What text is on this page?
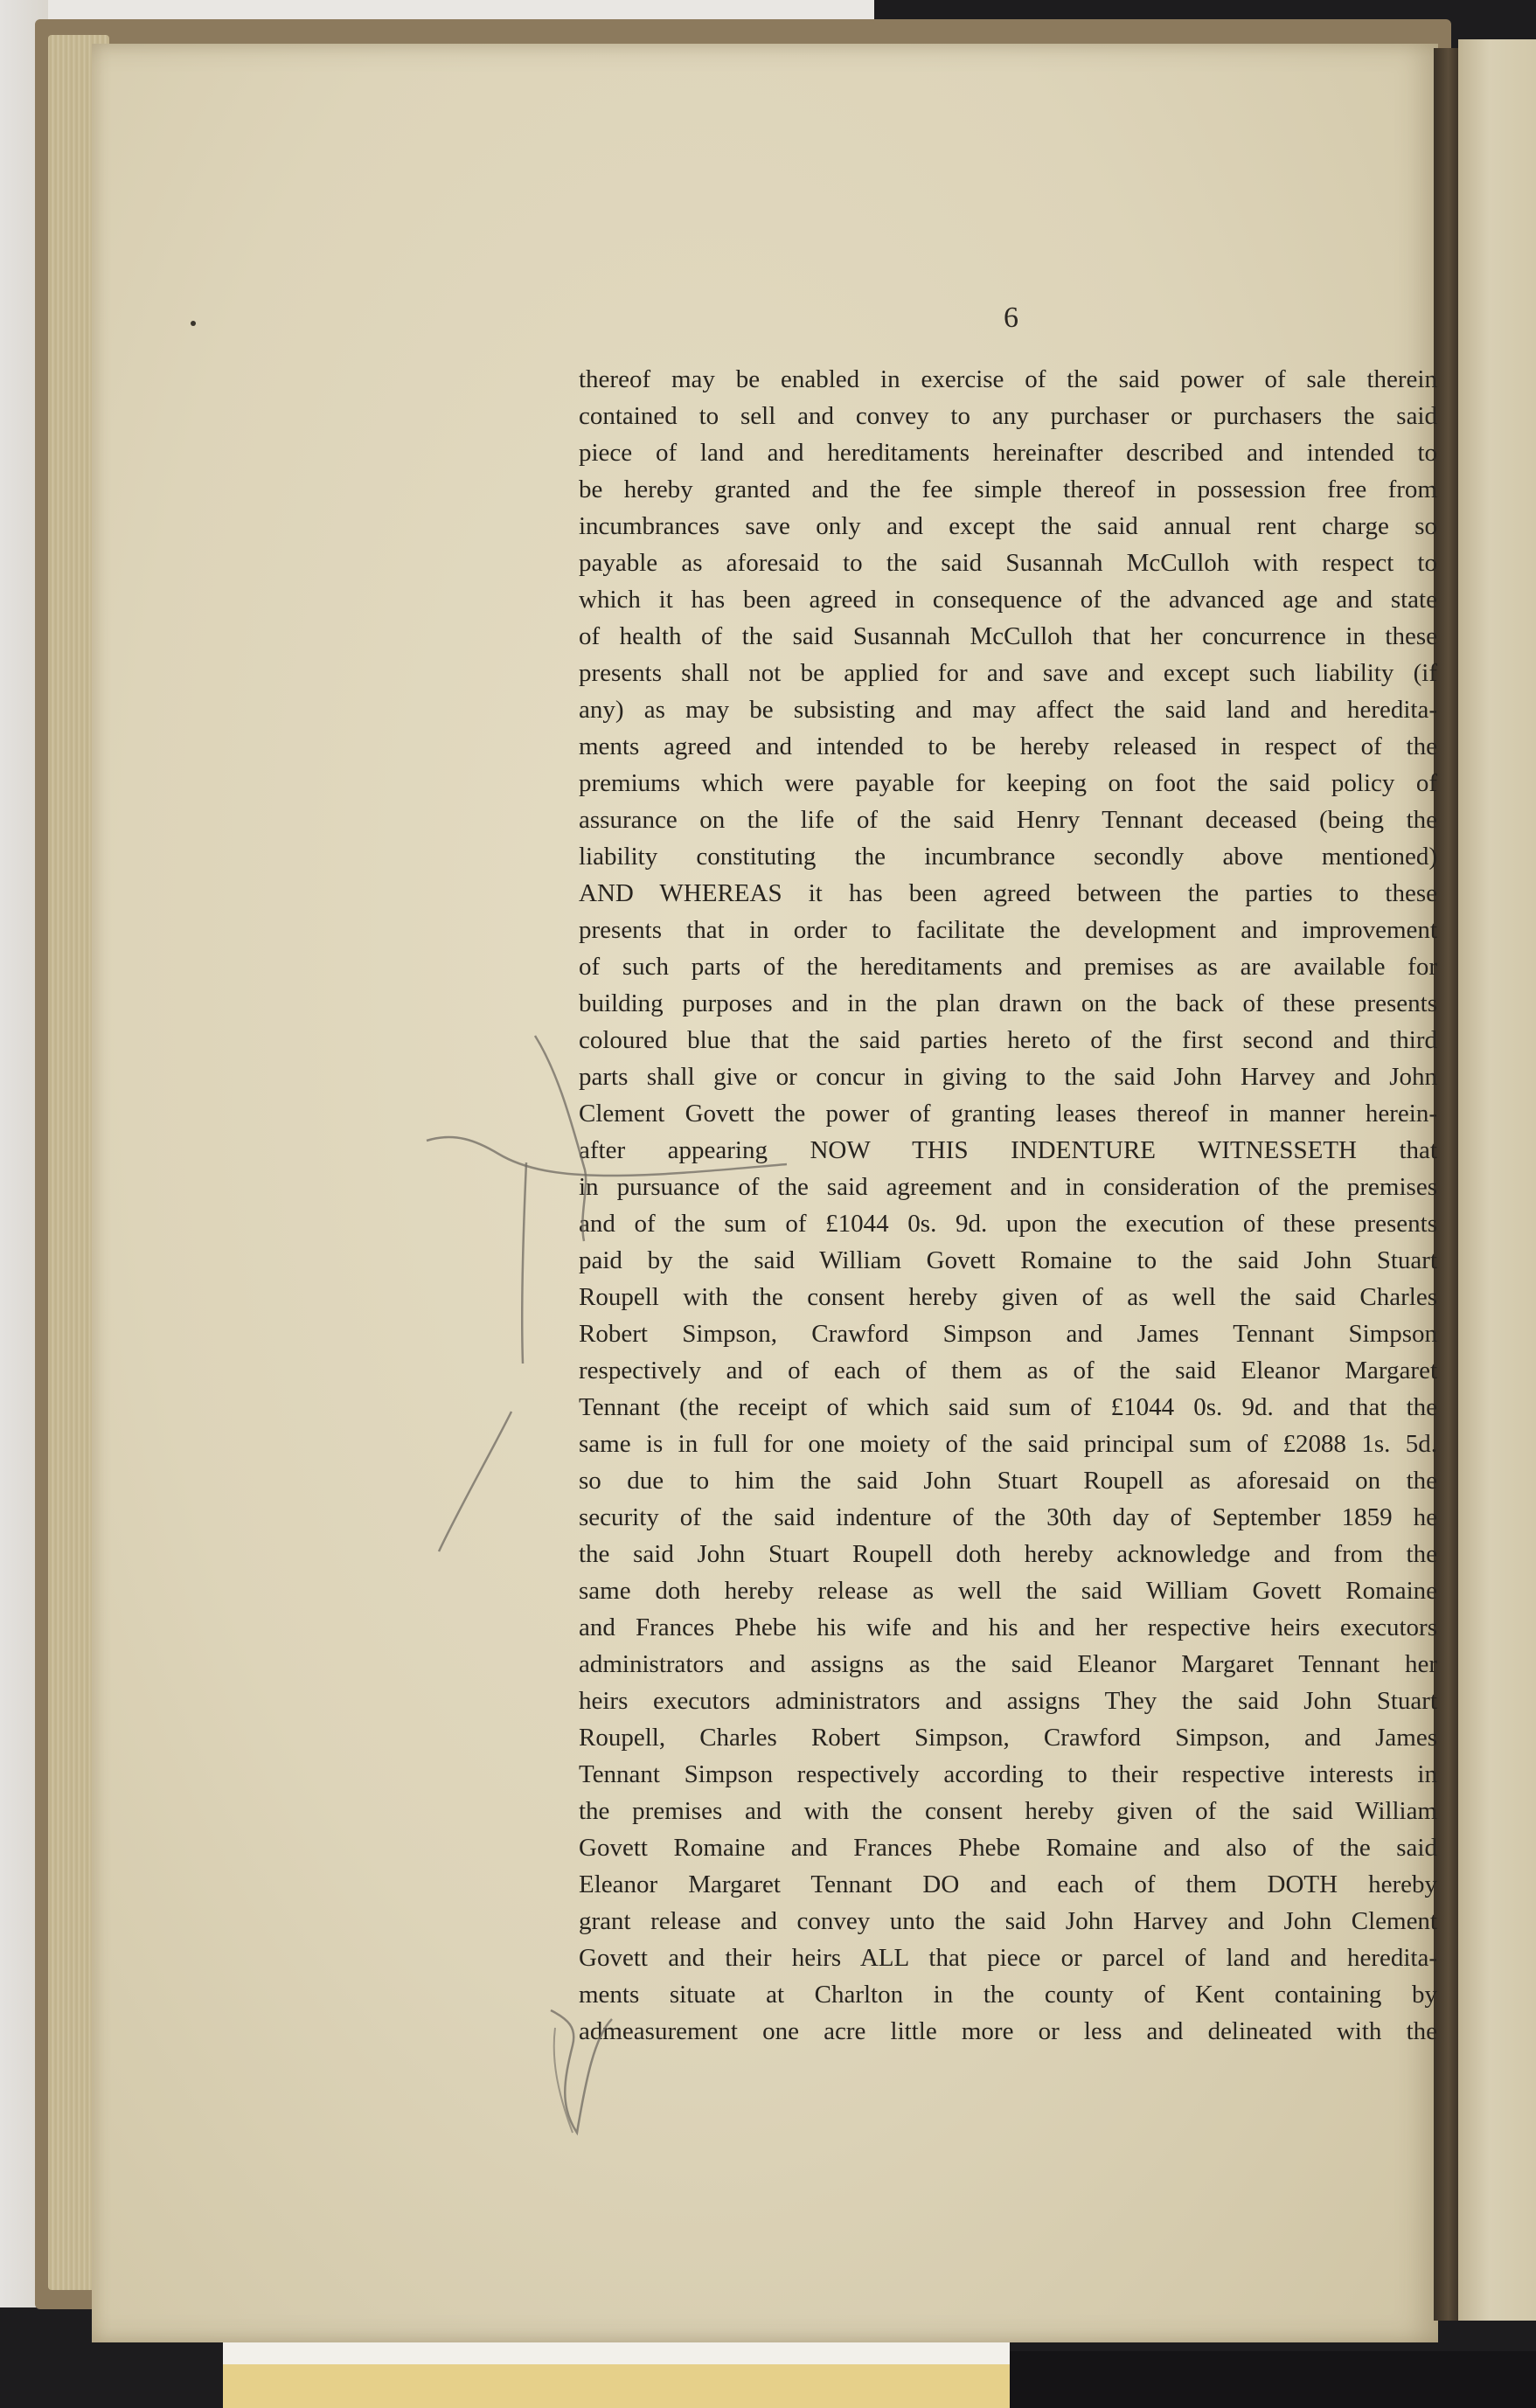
6
thereof may be enabled in exercise of the said power of sale therein
contained to sell and convey to any purchaser or purchasers the said
piece of land and hereditaments hereinafter described and intended to
be hereby granted and the fee simple thereof in possession free from
incumbrances save only and except the said annual rent charge so
payable as aforesaid to the said Susannah McCulloh with respect to
which it has been agreed in consequence of the advanced age and state
of health of the said Susannah McCulloh that her concurrence in these
presents shall not be applied for and save and except such liability (if
any) as may be subsisting and may affect the said land and heredita-
ments agreed and intended to be hereby released in respect of the
premiums which were payable for keeping on foot the said policy of
assurance on the life of the said Henry Tennant deceased (being the
liability constituting the incumbrance secondly above mentioned)
AND WHEREAS it has been agreed between the parties to these
presents that in order to facilitate the development and improvement
of such parts of the hereditaments and premises as are available for
building purposes and in the plan drawn on the back of these presents
coloured blue that the said parties hereto of the first second and third
parts shall give or concur in giving to the said John Harvey and John
Clement Govett the power of granting leases thereof in manner herein-
after appearing NOW THIS INDENTURE WITNESSETH that
in pursuance of the said agreement and in consideration of the premises
and of the sum of £1044 0s. 9d. upon the execution of these presents
paid by the said William Govett Romaine to the said John Stuart
Roupell with the consent hereby given of as well the said Charles
Robert Simpson, Crawford Simpson and James Tennant Simpson
respectively and of each of them as of the said Eleanor Margaret
Tennant (the receipt of which said sum of £1044 0s. 9d. and that the
same is in full for one moiety of the said principal sum of £2088 1s. 5d.
so due to him the said John Stuart Roupell as aforesaid on the
security of the said indenture of the 30th day of September 1859 he
the said John Stuart Roupell doth hereby acknowledge and from the
same doth hereby release as well the said William Govett Romaine
and Frances Phebe his wife and his and her respective heirs executors
administrators and assigns as the said Eleanor Margaret Tennant her
heirs executors administrators and assigns They the said John Stuart
Roupell, Charles Robert Simpson, Crawford Simpson, and James
Tennant Simpson respectively according to their respective interests in
the premises and with the consent hereby given of the said William
Govett Romaine and Frances Phebe Romaine and also of the said
Eleanor Margaret Tennant DO and each of them DOTH hereby
grant release and convey unto the said John Harvey and John Clement
Govett and their heirs ALL that piece or parcel of land and heredita-
ments situate at Charlton in the county of Kent containing by
admeasurement one acre little more or less and delineated with the
